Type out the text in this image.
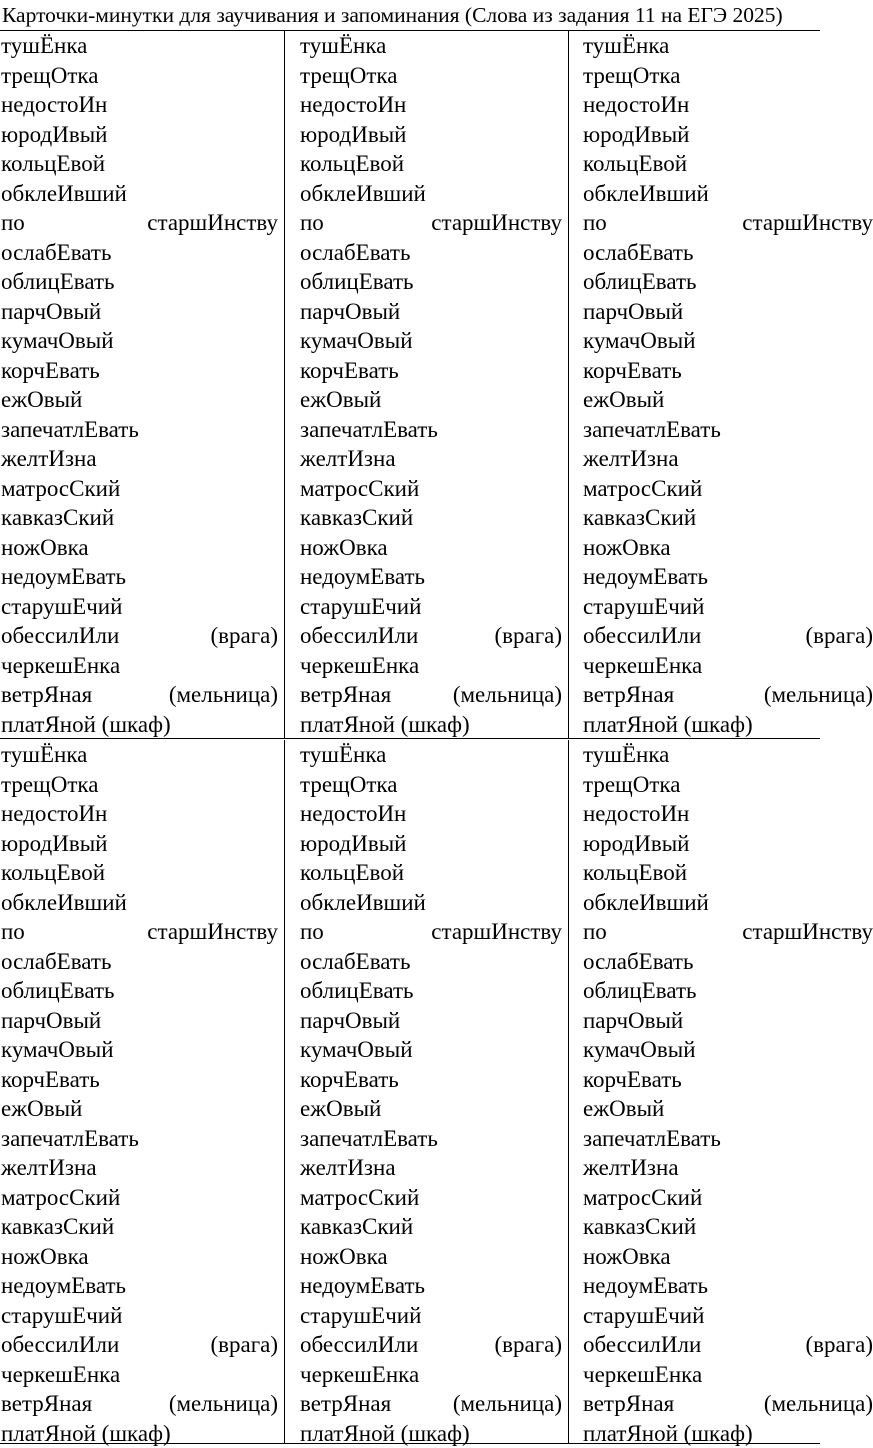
Карточки-минутки для заучивания и запоминания (Слова из задания 11 на ЕГЭ 2025)
тушЁнка
трещОтка
недостоИн
юродИвый
кольцЕвой
обклеИвший
по	старшИнству
ослабЕвать
облицЕвать
парчОвый
кумачОвый
корчЕвать
ежОвый
запечатлЕвать
желтИзна
матросСкий
кавказСкий
ножОвка
недоумЕвать
старушЕчий
обессилИли	(врага)
черкешЕнка
ветрЯная	(мельница)
платЯной (шкаф)
тушЁнка
трещОтка
недостоИн
юродИвый
кольцЕвой
обклеИвший
по	старшИнству
ослабЕвать
облицЕвать
парчОвый
кумачОвый
корчЕвать
ежОвый
запечатлЕвать
желтИзна
матросСкий
кавказСкий
ножОвка
недоумЕвать
старушЕчий
обессилИли	(врага)
черкешЕнка
ветрЯная	(мельница)
платЯной (шкаф)
тушЁнка
трещОтка
недостоИн
юродИвый
кольцЕвой
обклеИвший
по	старшИнству
ослабЕвать
облицЕвать
парчОвый
кумачОвый
корчЕвать
ежОвый
запечатлЕвать
желтИзна
матросСкий
кавказСкий
ножОвка
недоумЕвать
старушЕчий
обессилИли	(врага)
черкешЕнка
ветрЯная	(мельница)
платЯной (шкаф)
тушЁнка
трещОтка
недостоИн
юродИвый
кольцЕвой
обклеИвший
по	старшИнству
ослабЕвать
облицЕвать
парчОвый
кумачОвый
корчЕвать
ежОвый
запечатлЕвать
желтИзна
матросСкий
кавказСкий
ножОвка
недоумЕвать
старушЕчий
обессилИли	(врага)
черкешЕнка
ветрЯная	(мельница)
платЯной (шкаф)
тушЁнка
трещОтка
недостоИн
юродИвый
кольцЕвой
обклеИвший
по	старшИнству
ослабЕвать
облицЕвать
парчОвый
кумачОвый
корчЕвать
ежОвый
запечатлЕвать
желтИзна
матросСкий
кавказСкий
ножОвка
недоумЕвать
старушЕчий
обессилИли	(врага)
черкешЕнка
ветрЯная	(мельница)
платЯной (шкаф)
тушЁнка
трещОтка
недостоИн
юродИвый
кольцЕвой
обклеИвший
по	старшИнству
ослабЕвать
облицЕвать
парчОвый
кумачОвый
корчЕвать
ежОвый
запечатлЕвать
желтИзна
матросСкий
кавказСкий
ножОвка
недоумЕвать
старушЕчий
обессилИли	(врага)
черкешЕнка
ветрЯная	(мельница)
платЯной (шкаф)
